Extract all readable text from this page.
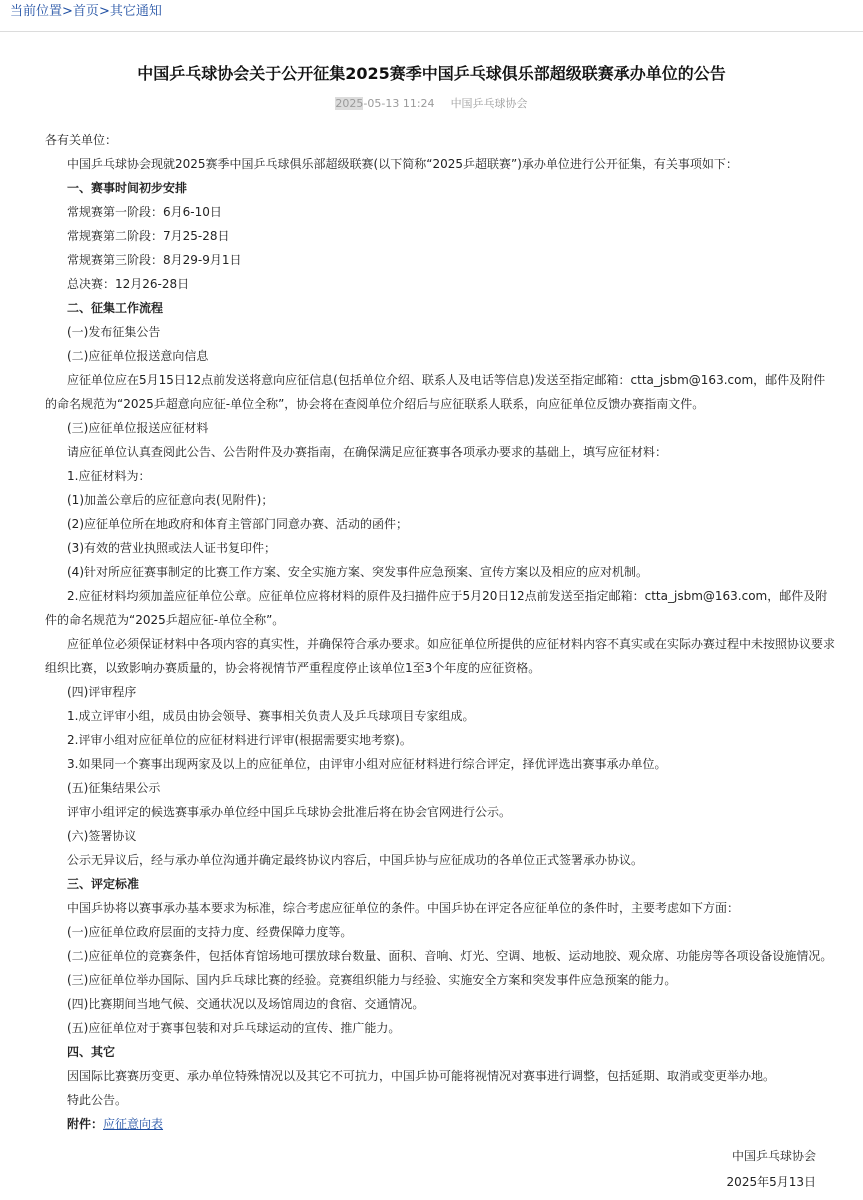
当前位置>首页>其它通知
中国乒乓球协会关于公开征集2025赛季中国乒乓球俱乐部超级联赛承办单位的公告
2025-05-13 11:24 中国乒乓球协会

各有关单位：

中国乒乓球协会现就2025赛季中国乒乓球俱乐部超级联赛(以下简称“2025乒超联赛”)承办单位进行公开征集，有关事项如下：

一、赛事时间初步安排

常规赛第一阶段：6月6-10日

常规赛第二阶段：7月25-28日

常规赛第三阶段：8月29-9月1日

总决赛：12月26-28日

二、征集工作流程

(一)发布征集公告

(二)应征单位报送意向信息

应征单位应在5月15日12点前发送将意向应征信息(包括单位介绍、联系人及电话等信息)发送至指定邮箱：ctta_jsbm@163.com，邮件及附件的命名规范为“2025乒超意向应征-单位全称”，协会将在查阅单位介绍后与应征联系人联系，向应征单位反馈办赛指南文件。

(三)应征单位报送应征材料

请应征单位认真查阅此公告、公告附件及办赛指南，在确保满足应征赛事各项承办要求的基础上，填写应征材料：

1.应征材料为：

(1)加盖公章后的应征意向表(见附件)；

(2)应征单位所在地政府和体育主管部门同意办赛、活动的函件；

(3)有效的营业执照或法人证书复印件；

(4)针对所应征赛事制定的比赛工作方案、安全实施方案、突发事件应急预案、宣传方案以及相应的应对机制。

2.应征材料均须加盖应征单位公章。应征单位应将材料的原件及扫描件应于5月20日12点前发送至指定邮箱：ctta_jsbm@163.com，邮件及附件的命名规范为“2025乒超应征-单位全称”。

应征单位必须保证材料中各项内容的真实性，并确保符合承办要求。如应征单位所提供的应征材料内容不真实或在实际办赛过程中未按照协议要求组织比赛，以致影响办赛质量的，协会将视情节严重程度停止该单位1至3个年度的应征资格。

(四)评审程序

1.成立评审小组，成员由协会领导、赛事相关负责人及乒乓球项目专家组成。

2.评审小组对应征单位的应征材料进行评审(根据需要实地考察)。

3.如果同一个赛事出现两家及以上的应征单位，由评审小组对应征材料进行综合评定，择优评选出赛事承办单位。

(五)征集结果公示

评审小组评定的候选赛事承办单位经中国乒乓球协会批准后将在协会官网进行公示。

(六)签署协议

公示无异议后，经与承办单位沟通并确定最终协议内容后，中国乒协与应征成功的各单位正式签署承办协议。

三、评定标准

中国乒协将以赛事承办基本要求为标准，综合考虑应征单位的条件。中国乒协在评定各应征单位的条件时，主要考虑如下方面：

(一)应征单位政府层面的支持力度、经费保障力度等。

(二)应征单位的竞赛条件，包括体育馆场地可摆放球台数量、面积、音响、灯光、空调、地板、运动地胶、观众席、功能房等各项设备设施情况。

(三)应征单位举办国际、国内乒乓球比赛的经验。竞赛组织能力与经验、实施安全方案和突发事件应急预案的能力。

(四)比赛期间当地气候、交通状况以及场馆周边的食宿、交通情况。

(五)应征单位对于赛事包装和对乒乓球运动的宣传、推广能力。

四、其它

因国际比赛赛历变更、承办单位特殊情况以及其它不可抗力，中国乒协可能将视情况对赛事进行调整，包括延期、取消或变更举办地。

特此公告。

附件：应征意向表

中国乒乓球协会
2025年5月13日
